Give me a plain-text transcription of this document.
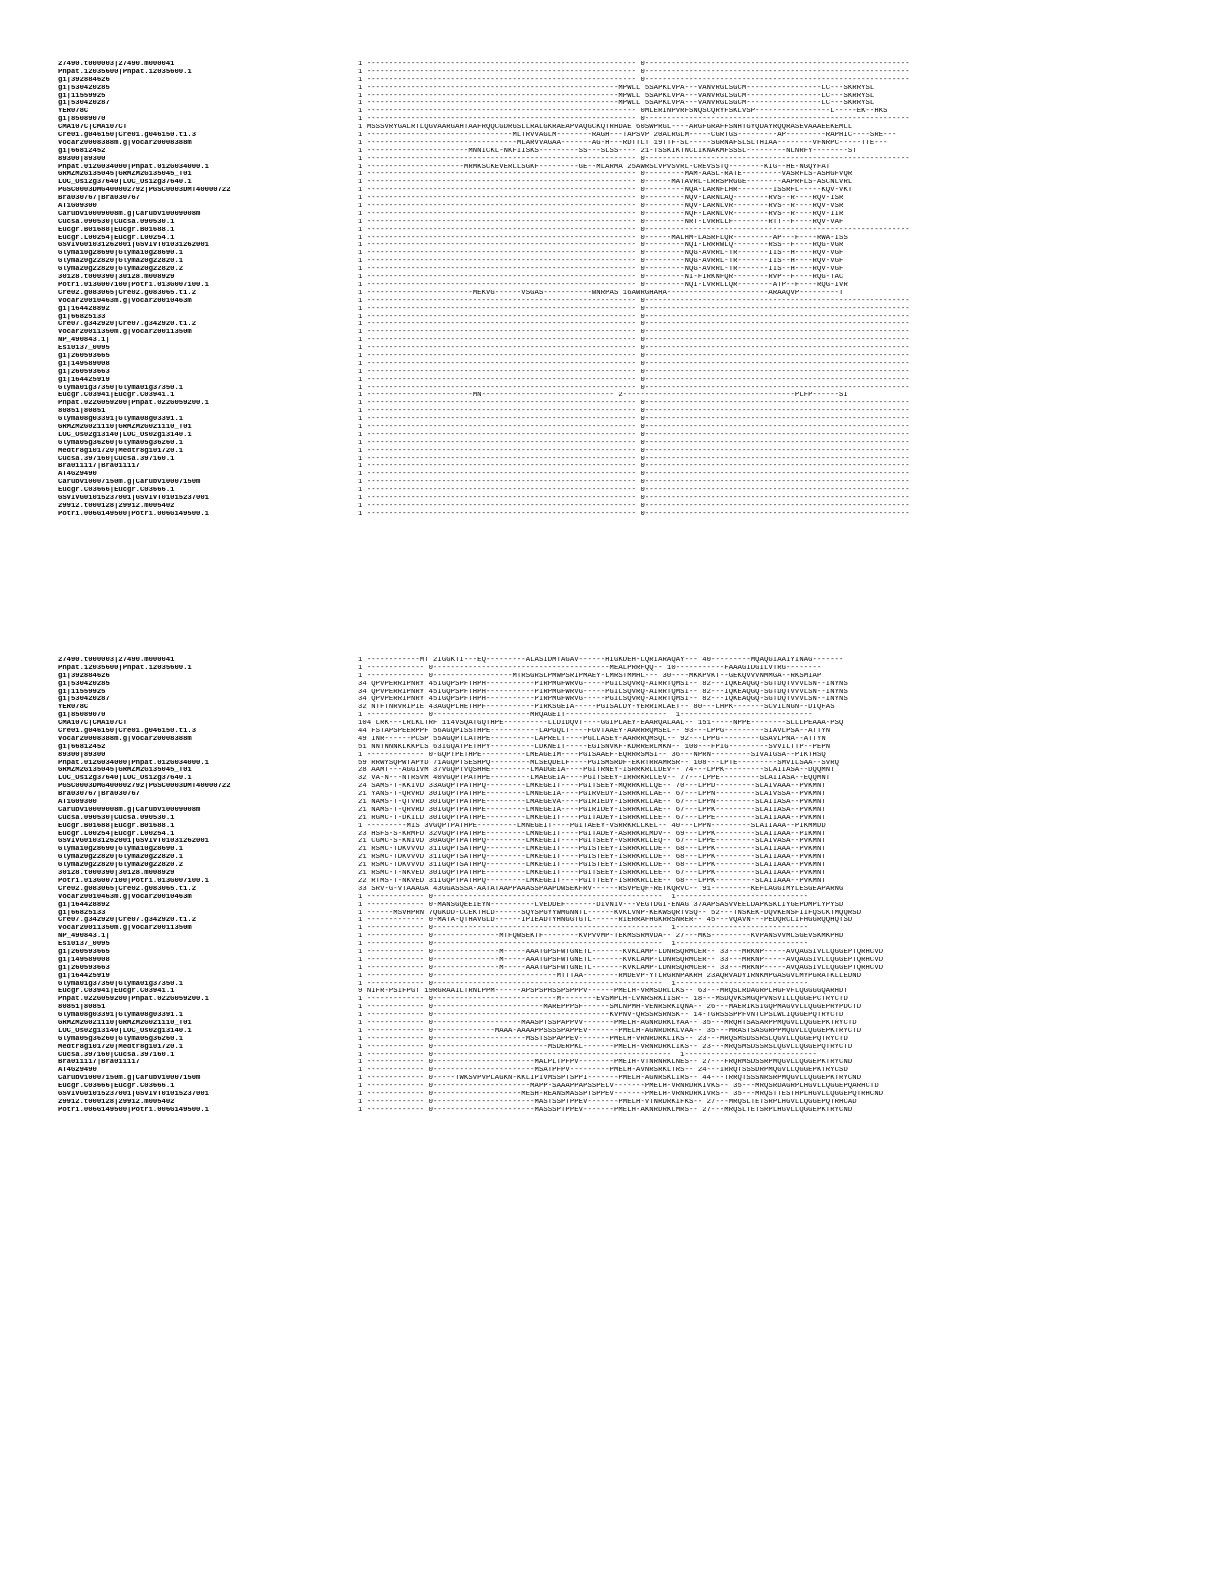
27490.t000003|27490.m000041	1 ------------------------------------------------------------- 0------------------------------------------------------------
Phpat.12035600|Phpat.12035600.1	1 ------------------------------------------------------------- 0------------------------------------------------------------
gi|392884626	1 ------------------------------------------------------------- 0------------------------------------------------------------
gi|530420285	1 ---------------------------------------------------------MPWLL 5SAPKLVPA---VANVRGLSGCM-----------------LC---SKRRYSL
gi|11559925	1 ---------------------------------------------------------MPWLL 5SAPKLVPA---VANVRGLSGCM-----------------LC---SKRRYSL
gi|530420287	1 ---------------------------------------------------------MPWLL 5SAPKLVPA---VANVRGLSGCM-----------------LC---SKRRYSL
YER078C	1 ------------------------------------------------------------- 0MLERINPVRFSNQSCQRYFSKLVSP-----------------L-----EK--HKS
gi|85089070	1 ------------------------------------------------------------- 0------------------------------------------------------------
CMA107C|CMA107CT	1 MSSSVRYGALRTLQGVAARGAHTAAFRQQCGDRGSLLRALGKRAEAPVAQGCKQTRHDAE 60SWPRGL----ARGFGRAFFSNHTGYQDAYRQQRASEVAAAEEKEMLL
Cre01.g046150|Cre01.g046150.t1.3	1 ---------------------------------MLTRVVAGLM--------RAGH---TAPSVP 20ALRGLM-----CGRTGS---------AP---------RAPHIC----SRE---
Vocar20008388m.g|Vocar20008388m	1 ----------------------------------MLARVVAGAA-------AG-H---RDTTLT 19TTF-SL-----SGRNAFSLSLTHIAA--------VFNRPC-----TTE---
gi|66812452	1 -----------------------MNNICKL-NKFIISKS---------SS---SLSS---- 21-TSSKIKTNCLIKNAKMFSSSL---------NLNRFY--------ST
89300|89300	1 ------------------------------------------------------------- 0------------------------------------------------------------
Phpat.012G034000|Phpat.012G034000.1	1 ----------------------MRMKSCKEVERLLSGKF---------GE--MLARMA 25AWRSLVPVSVRL-CREVSSTQ--------KIG--HE-NGQYFAT
GRMZM2G135045|GRMZM2G135045_T01	1 ------------------------------------------------------------- 0---------MAM-AASL-RATE---------VASRFLS-ASHGFVQR
LOC_Os12g37640|LOC_Os12g37640.1	1 ------------------------------------------------------------- 0------MATAVRL-LRRSPRGGE--------AAPRFLS-ASCNLVRL
PGSC0003DMG400002792|PGSC0003DMT40000722	1 ------------------------------------------------------------- 0---------NQA-LARNFLHR--------ISSRFL-----KQV-VKT
Bra030767|Bra030767	1 ------------------------------------------------------------- 0---------NQV-LARNLAQ--------RVS--R----RQV-ISR
AT1G09300	1 ------------------------------------------------------------- 0---------NQV-LARNLVR--------RVS--R----RQV-VSR
Carubv10009008m.g|Carubv10009008m	1 ------------------------------------------------------------- 0---------NQF-LARNLVR--------RVS--R----RQV-IIR
Cucsa.090530|Cucsa.090530.1	1 ------------------------------------------------------------- 0---------NRT-LVRRLLF--------RTT--F----RQV-VAF
Eucgr.B01688|Eucgr.B01688.1	1 ------------------------------------------------------------- 0------------------------------------------------------------
Eucgr.L00254|Eucgr.L00254.1	1 ------------------------------------------------------------- 0------MALHM-LASRFLQR---------AP---F----RWA-ISS
GSVIVG01031262001|GSVIVT01031262001	1 ------------------------------------------------------------- 0---------NQI-LRRRWLQ--------RSS--F----RQG-VGR
Glyma10g28690|Glyma10g28690.1	1 ------------------------------------------------------------- 0---------NQG-AVRRL-TR-------IIS--H----RQV-VGF
Glyma20g22820|Glyma20g22820.1	1 ------------------------------------------------------------- 0---------NQG-AVRRL-TR-------IIS--H----RQV-VGF
Glyma20g22820|Glyma20g22820.2	1 ------------------------------------------------------------- 0---------NQG-AVRRL-TR-------IIS--H----RQV-VGF
30128.t000390|30128.m008929	1 ------------------------------------------------------------- 0---------NI-FIRKNFQR--------RVP--F----RQG-TAC
Potri.013G007100|Potri.013G007100.1	1 ------------------------------------------------------------- 0---------NQI-LVRRLLQR--------ATP--F----RQG-IVR
Cre02.g083065|Cre02.g083065.t1.2	1 ------------------------MEKVG------VSGAS-----------WNRPAS 16AWRGHAHA-----------------------ARAAQVP---------T
Vocar20010463m.g|Vocar20010463m	1 ------------------------------------------------------------- 0------------------------------------------------------------
gi|164428892	1 ------------------------------------------------------------- 0------------------------------------------------------------
gi|66825133	1 ------------------------------------------------------------- 0------------------------------------------------------------
Cre07.g342920|Cre07.g342920.t1.2	1 ------------------------------------------------------------- 0------------------------------------------------------------
Vocar20011350m.g|Vocar20011350m	1 ------------------------------------------------------------- 0------------------------------------------------------------
NP_490843.1|	1 ------------------------------------------------------------- 0------------------------------------------------------------
Esi0137_0095	1 ------------------------------------------------------------- 0------------------------------------------------------------
gi|260593665	1 ------------------------------------------------------------- 0------------------------------------------------------------
gi|149589008	1 ------------------------------------------------------------- 0------------------------------------------------------------
gi|260593663	1 ------------------------------------------------------------- 0------------------------------------------------------------
gi|164425919	1 ------------------------------------------------------------- 0------------------------------------------------------------
Glyma01g37350|Glyma01g37350.1	1 ------------------------------------------------------------- 0------------------------------------------------------------
Eucgr.C03941|Eucgr.C03941.1	1 ------------------------MN------------------------------ 2---------------------------------------PLFP------SI
Phpat.022G059200|Phpat.022G059200.1	1 ------------------------------------------------------------- 0------------------------------------------------------------
80851|80851	1 ------------------------------------------------------------- 0------------------------------------------------------------
Glyma08g03391|Glyma08g03391.1	1 ------------------------------------------------------------- 0------------------------------------------------------------
GRMZM2G021110|GRMZM2G021110_T01	1 ------------------------------------------------------------- 0------------------------------------------------------------
LOC_Os02g13140|LOC_Os02g13140.1	1 ------------------------------------------------------------- 0------------------------------------------------------------
Glyma05g36260|Glyma05g36260.1	1 ------------------------------------------------------------- 0------------------------------------------------------------
Medtr8g101720|Medtr8g101720.1	1 ------------------------------------------------------------- 0------------------------------------------------------------
Cucsa.397160|Cucsa.397160.1	1 ------------------------------------------------------------- 0------------------------------------------------------------
Bra011117|Bra011117	1 ------------------------------------------------------------- 0------------------------------------------------------------
AT4G29490	1 ------------------------------------------------------------- 0------------------------------------------------------------
Carubv10007150m.g|Carubv10007150m	1 ------------------------------------------------------------- 0------------------------------------------------------------
Eucgr.C03666|Eucgr.C03666.1	1 ------------------------------------------------------------- 0------------------------------------------------------------
GSVIVG01015237001|GSVIVT01015237001	1 ------------------------------------------------------------- 0------------------------------------------------------------
29912.t000128|29912.m005402	1 ------------------------------------------------------------- 0------------------------------------------------------------
Potri.006G149500|Potri.006G149500.1	1 ------------------------------------------------------------- 0------------------------------------------------------------
27490.t000003|27490.m000041	1 ------------MT 2IGGKTI---EQ---------ALASIDMTAGAV------HIGKDEH-LQRIARAQAY--- 40---------MQAQGIAAIYINAG-------
Phpat.12035600|Phpat.12035600.1	1 ------------- 0----------------------------------------MEALPRRFQQ-- 10-----------FAAAGIDGILVTRG--------
gi|392884626	1 ------------- 0------------------MTRSGRSLPMWPSRIPMAEY-LMRSTMMHL--- 30----MKKPVKT--GEKQVVVNMMGA--RKSMIAP
gi|530420285	34 QPVPERRIPNRY 45IGQPSPFTHPH-----------PIRPMGFWRVG-----PGILSQVRQ-AIRRTQMSI-- 82---IQKEAQGQ-SGTDQTVVVLSN--INYNS
gi|11559925	34 QPVPERRIPNRY 45IGQPSPFTHPH-----------PIRPMGFWRVG-----PGILSQVRQ-AIRRTQMSI-- 82---IQKEAQGQ-SGTDQTVVVLSN--INYNS
gi|530420287	34 QPVPERRIPNRY 45IGQPSPFTHPH-----------PIRPMGFWRVG-----PGILSQVRQ-AIRRTQMSI-- 82---IQKEAQGQ-SGTDQTVVVLSN--INYNS
YER078C	32 NTFTNRVRIPIE 43AGQPLHETHPF-----------PIRKSGEIA-----PGISALDY-YERRIRLAET-- 80---LHPK-------SCVILNGN--DIQFAS
gi|85089070	1 ------------- 0----------------------MRQAGEIT-----------------------  1------------------------------
CMA107C|CMA107CT	104 LRK---LRLKLTRF 114VSQATGQTHPE----------LLDIDQVT----GGIPLAEY-EAARQALAAL-- 151-----NPPE--------SLLLPEAAA-PSQ
Cre01.g046150|Cre01.g046150.t1.3	44 FSTAPSPEERPPF 56AGQPISSTHPE-----------LAPGQLT----FGVTAAEY-AARRRQMSEL-- 93---LPPG---------SIAVLPSA--ATTYN
Vocar20008388m.g|Vocar20008388m	49 INR------PCSP 55AGQPTLATHPE----------LAPRELT----PGLLASEY-AARRRQMSQL-- 92---LPPG---------GSAVLPNA--ATTYN
gi|66812452	51 NNTNNNKLKKPLS 63IGQATPETHPY----------LDKNEIT-----EGISNVKF-KDRRERLMKN-- 100---FPIG---------SVVILTTP--PEPN
89300|89300	1 ------------- 0-GQPTPETHPE----------LMEAGEIM----PGISAAEF-EQRRRSMSI-- 36---NPRN---------SIVAIGSA--PIKTHSQ
Phpat.012G034000|Phpat.012G034000.1	59 RRWYSQPWTAPYD 71AGQPTSESHPQ---------MLSEQDELF----PGISMSRDF-EKRTRRAMRSR-- 108---LPTE---------SMVILSAA--SVRQ
GRMZM2G135045|GRMZM2G135045_T01	28 AAMT---AGGIVM 37VGQPTVQSHHE---------LMADGEIA----PGITRNEY-ISRRKRLLDEV-- 74---LPPK---------SLAIIASA--DQQMNT
LOC_Os12g37640|LOC_Os12g37640.1	32 VA-N---NTRSVM 40VGQPTPATHPE---------LMAEGEIA----PGITSEEY-IRRRKRLLEV-- 77---LPPE---------SLAIIASA--EQQMNT
PGSC0003DMG400002792|PGSC0003DMT40000722	24 SAMS-T-KKIVD 33AGQPTPATHPQ---------LMKEGEIT----PGITSEEY-MQRRKRLLQE-- 70---LPPD---------SLAIVAAA--PVKMNT
Bra030767|Bra030767	21 YANS-T-QRVRD 30IGQPTPATHPE---------LMNEGEIA----PGIRVEDY-ISRRKRLLAE-- 67---LPPN---------SLAIVSSA--PVKMNT
AT1G09300	21 NAMS-T-QTVRD 30IGQPTPATHPE---------LMAEGEVA----PGIRIEDY-ISRRKRLLAE-- 67---LPPN---------SLAIIASA--PVKMNT
Carubv10009008m.g|Carubv10009008m	21 NAMS-T-QRVRD 30IGQPTPATHPE---------LMNEGEIA----PGIRIDEY-ISRRKRLLAE-- 67---LPPK---------SLAIIASA--PVKMNT
Cucsa.090530|Cucsa.090530.1	21 RGMC-T-DKILD 30IGQPTPATHPE---------LMKEGEIT----PGITADEY-ISRRKRLLEE-- 67---LPPE---------SLAIIAAA--PVKMNT
Eucgr.B01688|Eucgr.B01688.1	1 ---------MIS 3VGQPTPATHPE---------LMNEGEIT----PGITAEEY-VSRRKRLLKEL-- 40---LPPN---------SLAIIAAA--PIKMMDD
Eucgr.L00254|Eucgr.L00254.1	23 HSFS-S-KRMFD 32VGQPTPATHPE---------LMNEGEIT----PGITADEY-ASRRKRLMDV-- 69---LPPK---------SLAIIAAA--PIKMNT
GSVIVG01031262001|GSVIVT01031262001	21 CGMC-S-KNIVD 30AGQPTPATHPQ---------LMKEGEIT----PGITSEEY-VSRRKRLLEQ-- 67---LPPE---------SLAIVASA--PVKMNT
Glyma10g28690|Glyma10g28690.1	21 RSMC-TDKVVVD 31IGQPTSATHPQ---------LMKEGEIT----PGISTEEY-ISRRKRLLDE-- 68---LPPK---------SLAIIAAA--PVKMNT
Glyma20g22820|Glyma20g22820.1	21 RSMC-TDKVVVD 31IGQPTSATHPQ---------LMKEGEIT----PGISTEEY-ISRRKRLLDE-- 68---LPPK---------SLAIIAAA--PVKMNT
Glyma20g22820|Glyma20g22820.2	21 RSMC-TDKVVVD 31IGQPTSATHPQ---------LMKEGEIT----PGISTEEY-ISRRKRLLDE-- 68---LPPK---------SLAIIAAA--PVKMNT
30128.t000390|30128.m008929	21 RSMC-T-NKVED 30IGQPTPATHPE---------LMKEGEIT----PGITSEEY-ISRRKRLLEE-- 67---LPPK---------SLAIIAAA--PVKMNT
Potri.013G007100|Potri.013G007100.1	22 RTMS-T-NKVED 31IGQPTPATHPQ---------LMKEGEIT----PGITTEEY-ISRRKRLLEE-- 68---LPPK---------SLAIIAAA--PVKMNT
Cre02.g083065|Cre02.g083065.t1.2	33 SRV-G-VTAAAGA 43GGASSSA-AATATAAPPAAASSPAAPDWSEKFRV------RSVPEQF-RETKQRVC-- 91---------KEFLAGGIMYLESGEAPARNG
Vocar20010463m.g|Vocar20010463m	1 ------------- 0----------------------------------------------------  1------------------------------
gi|164428892	1 ------------- 0-MANSGQEEIEYN----------LVEDDEF-------DIVNIV---VEGTDGI-ENAG 37AAPSASVVEELDAPKSKLIYGEPDMPLYPYSD
gi|66825133	1 ------MSVHPRN 7QGKDD-CCEKTHLD------SQYSPGYYWMGNNTL------KVKLVNP-KEKWSQRTVSQ-- 52---TNSKEK-DQVKENSFIIFQSCKTMQQRSD
Cre07.g342920|Cre07.g342920.t1.2	1 ------------- 0-MATA-QTHAVGLD------IPIEADTYHNGGTGTL------RIERRAFHGKRRSNRER-- 45---VQAVN---PEDQRCLIFHGGRQQHQTSD
Vocar20011350m.g|Vocar20011350m	1 ------------- 0----------------------------------------------------  1------------------------------
NP_490843.1|	1 ------------- 0---------------MTFQWSEKTF--------KVPVVMP-TEKMSSRMVDA-- 27---MKS---------KVPANSVVMLSGEVSKMKPHD
Esi0137_0095	1 ------------- 0----------------------------------------------------  1------------------------------
gi|260593665	1 ------------- 0---------------M-----AAATGPSFWTGNETL-------KVKLAMP-LDNRSQRMCER-- 33---MRKNP-----AVQAGSIVLLQGGEPTQRHCVD
gi|149589008	1 ------------- 0---------------M-----AAATGPSFWTGNETL-------KVKLAMP-LDNRSQRMCER-- 33---MRKNP-----AVQAGSIVLLQGGEPTQRHCVD
gi|260593663	1 ------------- 0---------------M-----AAATGPSFWTGNETL-------KVKLAMP-LDNRSQRMCER-- 33---MRKNP-----AVQAGSIVLLQGGEPTQRHCVD
gi|164425919	1 ------------- 0----------------------------MTTTAA--------RMDEVP-YTLRGRNPAKRH 23AQRVADYIRNKMPGASGVLMYPGRATKLLEDND
Glyma01g37350|Glyma01g37350.1	1 ------------- 0----------------------------------------------------  1------------------------------
Eucgr.C03941|Eucgr.C03941.1	9 NIFR-PSIFPGT 19RGRAAILTRNLPPM------APSPSPHSSPSPPPV------PMELH-VRMSDRLLKS-- 63---MRQSLRDAGRPLHGFVFLQGGGGQARHDT
Phpat.022G059200|Phpat.022G059200.1	1 ------------- 0----------------------------M--------EVSMPLH-LVNRSRKIISR-- 18---MSDQVKSMGQPVNSVILLQGGEPCTRYCTD
80851|80851	1 ------------- 0-------------------------MAREPPPSF------SMLNPMH-VENRSRKIQNA-- 26---MAERIKSIGQPMAGVVLLQGGEPRYPDCTD
Glyma08g03391|Glyma08g03391.1	1 ------------- 0----------------------------------------KVPNV-QRSSRSRNSK-- 14-TGRSSSPPFVNTCPSLWLIQGGEPQTRYCTD
GRMZM2G021110|GRMZM2G021110_T01	1 ------------- 0--------------------MAASPTSSPAPPVV-------PMELH-AGNRDRKLYAA-- 35---MRQHTSASARPPMQGVLLQGGEPKTRYCTD
LOC_Os02g13140|LOC_Os02g13140.1	1 ------------- 0--------------MAAA-AAAAPPSSSSPAPPEV-------PMELH-AGNRDRKLVAA-- 35---MRASTSASGRPPMQGVLLQGGEPKTRYCTD
Glyma05g36260|Glyma05g36260.1	1 ------------- 0---------------------MSSTSSPAPPEV-------PMELH-VRNRDRKLIKS-- 23---MRQSMSDSSRSLQGVLLQGGEPQTRYCTD
Medtr8g101720|Medtr8g101720.1	1 ------------- 0--------------------------MSDERPKL-------PMELH-VRNRDRKLIKS-- 23---MRQSMSDSSRSLQGVLLQGGEPQTRYCTD
Cucsa.397160|Cucsa.397160.1	1 ------------- 0------------------------------------------------------  1------------------------------
Bra011117|Bra011117	1 ------------- 0-----------------------MALPLTPFPV--------PMEIH-VTNRNRKLNES-- 27---FRQRMSDSSRPMQGVLLQGGEPKTRYCND
AT4G29490	1 ------------- 0-----------------------MSATPFPV---------PMELH-AVNRSRKLTRS-- 24---IRRQTSSSDRPMQGVLLQGGEPKTRYCSD
Carubv10007150m.g|Carubv10007150m	1 ------------- 0-----TWKSVPVPLAGKN-KKLIPIVMSSPTSPPI-------PMELH-AGNRSKLIRS-- 44---TRRQTSSSNRSRPMQGVLLQGGEPKTRYCND
Eucgr.C03666|Eucgr.C03666.1	1 ------------- 0----------------------MAPP-SAAAPPAPSSPELV-------PMELH-VRNRDRKIVKS-- 35---MRQSRDAGRPLHGVLLQGGEPQARHCTD
GSVIVG01015237001|GSVIVT01015237001	1 ------------- 0--------------------MESH-REANSMASSPTSPPEV-------PMELH-VRNRDRKIVRS-- 35---MRQSTTESTHPLHGVLLQGGEPQTRHCND
29912.t000128|29912.m005402	1 ------------- 0-----------------------MASTSSPTPPEV-------PMELH-VTNRDRKIFKS-- 27---MRQSLTETSRPLHGVLLQGGEPQTRHCAD
Potri.006G149500|Potri.006G149500.1	1 ------------- 0-----------------------MASSSPTPPEV-------PMELH-AKNRDRKLMRS-- 27---MRQSLTETSRPLHGVLLQGGEPKTRYCND
